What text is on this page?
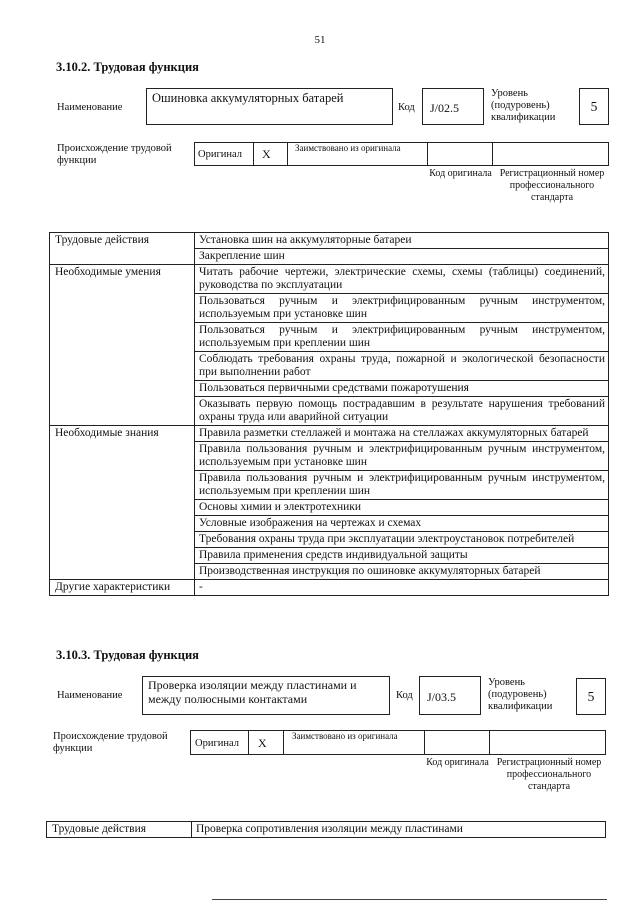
51
3.10.2. Трудовая функция
Наименование
Ошиновка аккумуляторных батарей
Код	J/02.5
Уровень (подуровень) квалификации
5
Происхождение трудовой функции
Оригинал X	Заимствовано из оригинала
Код оригинала Регистрационный номер профессионального стандарта
Трудовые действия	Установка шин на аккумуляторные батареи
	Закрепление шин
Необходимые умения	Читать рабочие чертежи, электрические схемы, схемы (таблицы) соединений, руководства по эксплуатации
	Пользоваться ручным и электрифицированным ручным инструментом, используемым при установке шин
	Пользоваться ручным и электрифицированным ручным инструментом, используемым при креплении шин
	Соблюдать требования охраны труда, пожарной и экологической безопасности при выполнении работ
	Пользоваться первичными средствами пожаротушения
	Оказывать первую помощь пострадавшим в результате нарушения требований охраны труда или аварийной ситуации
Необходимые знания	Правила разметки стеллажей и монтажа на стеллажах аккумуляторных батарей
	Правила пользования ручным и электрифицированным ручным инструментом, используемым при установке шин
	Правила пользования ручным и электрифицированным ручным инструментом, используемым при креплении шин
	Основы химии и электротехники
	Условные изображения на чертежах и схемах
	Требования охраны труда при эксплуатации электроустановок потребителей
	Правила применения средств индивидуальной защиты
	Производственная инструкция по ошиновке аккумуляторных батарей
Другие характеристики	-
3.10.3. Трудовая функция
Наименование
Проверка изоляции между пластинами и между полюсными контактами	Код	J/03.5
Уровень (подуровень) квалификации
5
Происхождение трудовой функции	Оригинал X	Заимствовано из оригинала
Код оригинала Регистрационный номер профессионального стандарта
Трудовые действия	Проверка сопротивления изоляции между пластинами
